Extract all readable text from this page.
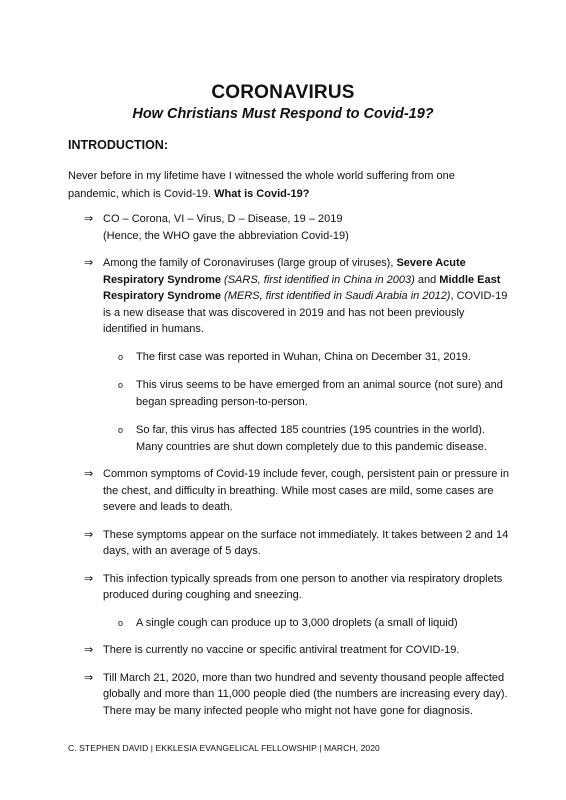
CORONAVIRUS
How Christians Must Respond to Covid-19?
INTRODUCTION:

Never before in my lifetime have I witnessed the whole world suffering from one pandemic, which is Covid-19. What is Covid-19?

⇒ CO – Corona, VI – Virus, D – Disease, 19 – 2019
(Hence, the WHO gave the abbreviation Covid-19)
⇒ Among the family of Coronaviruses (large group of viruses), Severe Acute Respiratory Syndrome (SARS, first identified in China in 2003) and Middle East Respiratory Syndrome (MERS, first identified in Saudi Arabia in 2012), COVID-19 is a new disease that was discovered in 2019 and has not been previously identified in humans.
o The first case was reported in Wuhan, China on December 31, 2019.
o This virus seems to be have emerged from an animal source (not sure) and began spreading person-to-person.
o So far, this virus has affected 185 countries (195 countries in the world). Many countries are shut down completely due to this pandemic disease.
⇒ Common symptoms of Covid-19 include fever, cough, persistent pain or pressure in the chest, and difficulty in breathing. While most cases are mild, some cases are severe and leads to death.
⇒ These symptoms appear on the surface not immediately. It takes between 2 and 14 days, with an average of 5 days.
⇒ This infection typically spreads from one person to another via respiratory droplets produced during coughing and sneezing.
o A single cough can produce up to 3,000 droplets (a small of liquid)
⇒ There is currently no vaccine or specific antiviral treatment for COVID-19.
⇒ Till March 21, 2020, more than two hundred and seventy thousand people affected globally and more than 11,000 people died (the numbers are increasing every day). There may be many infected people who might not have gone for diagnosis.

C. STEPHEN DAVID | EKKLESIA EVANGELICAL FELLOWSHIP | MARCH, 2020
